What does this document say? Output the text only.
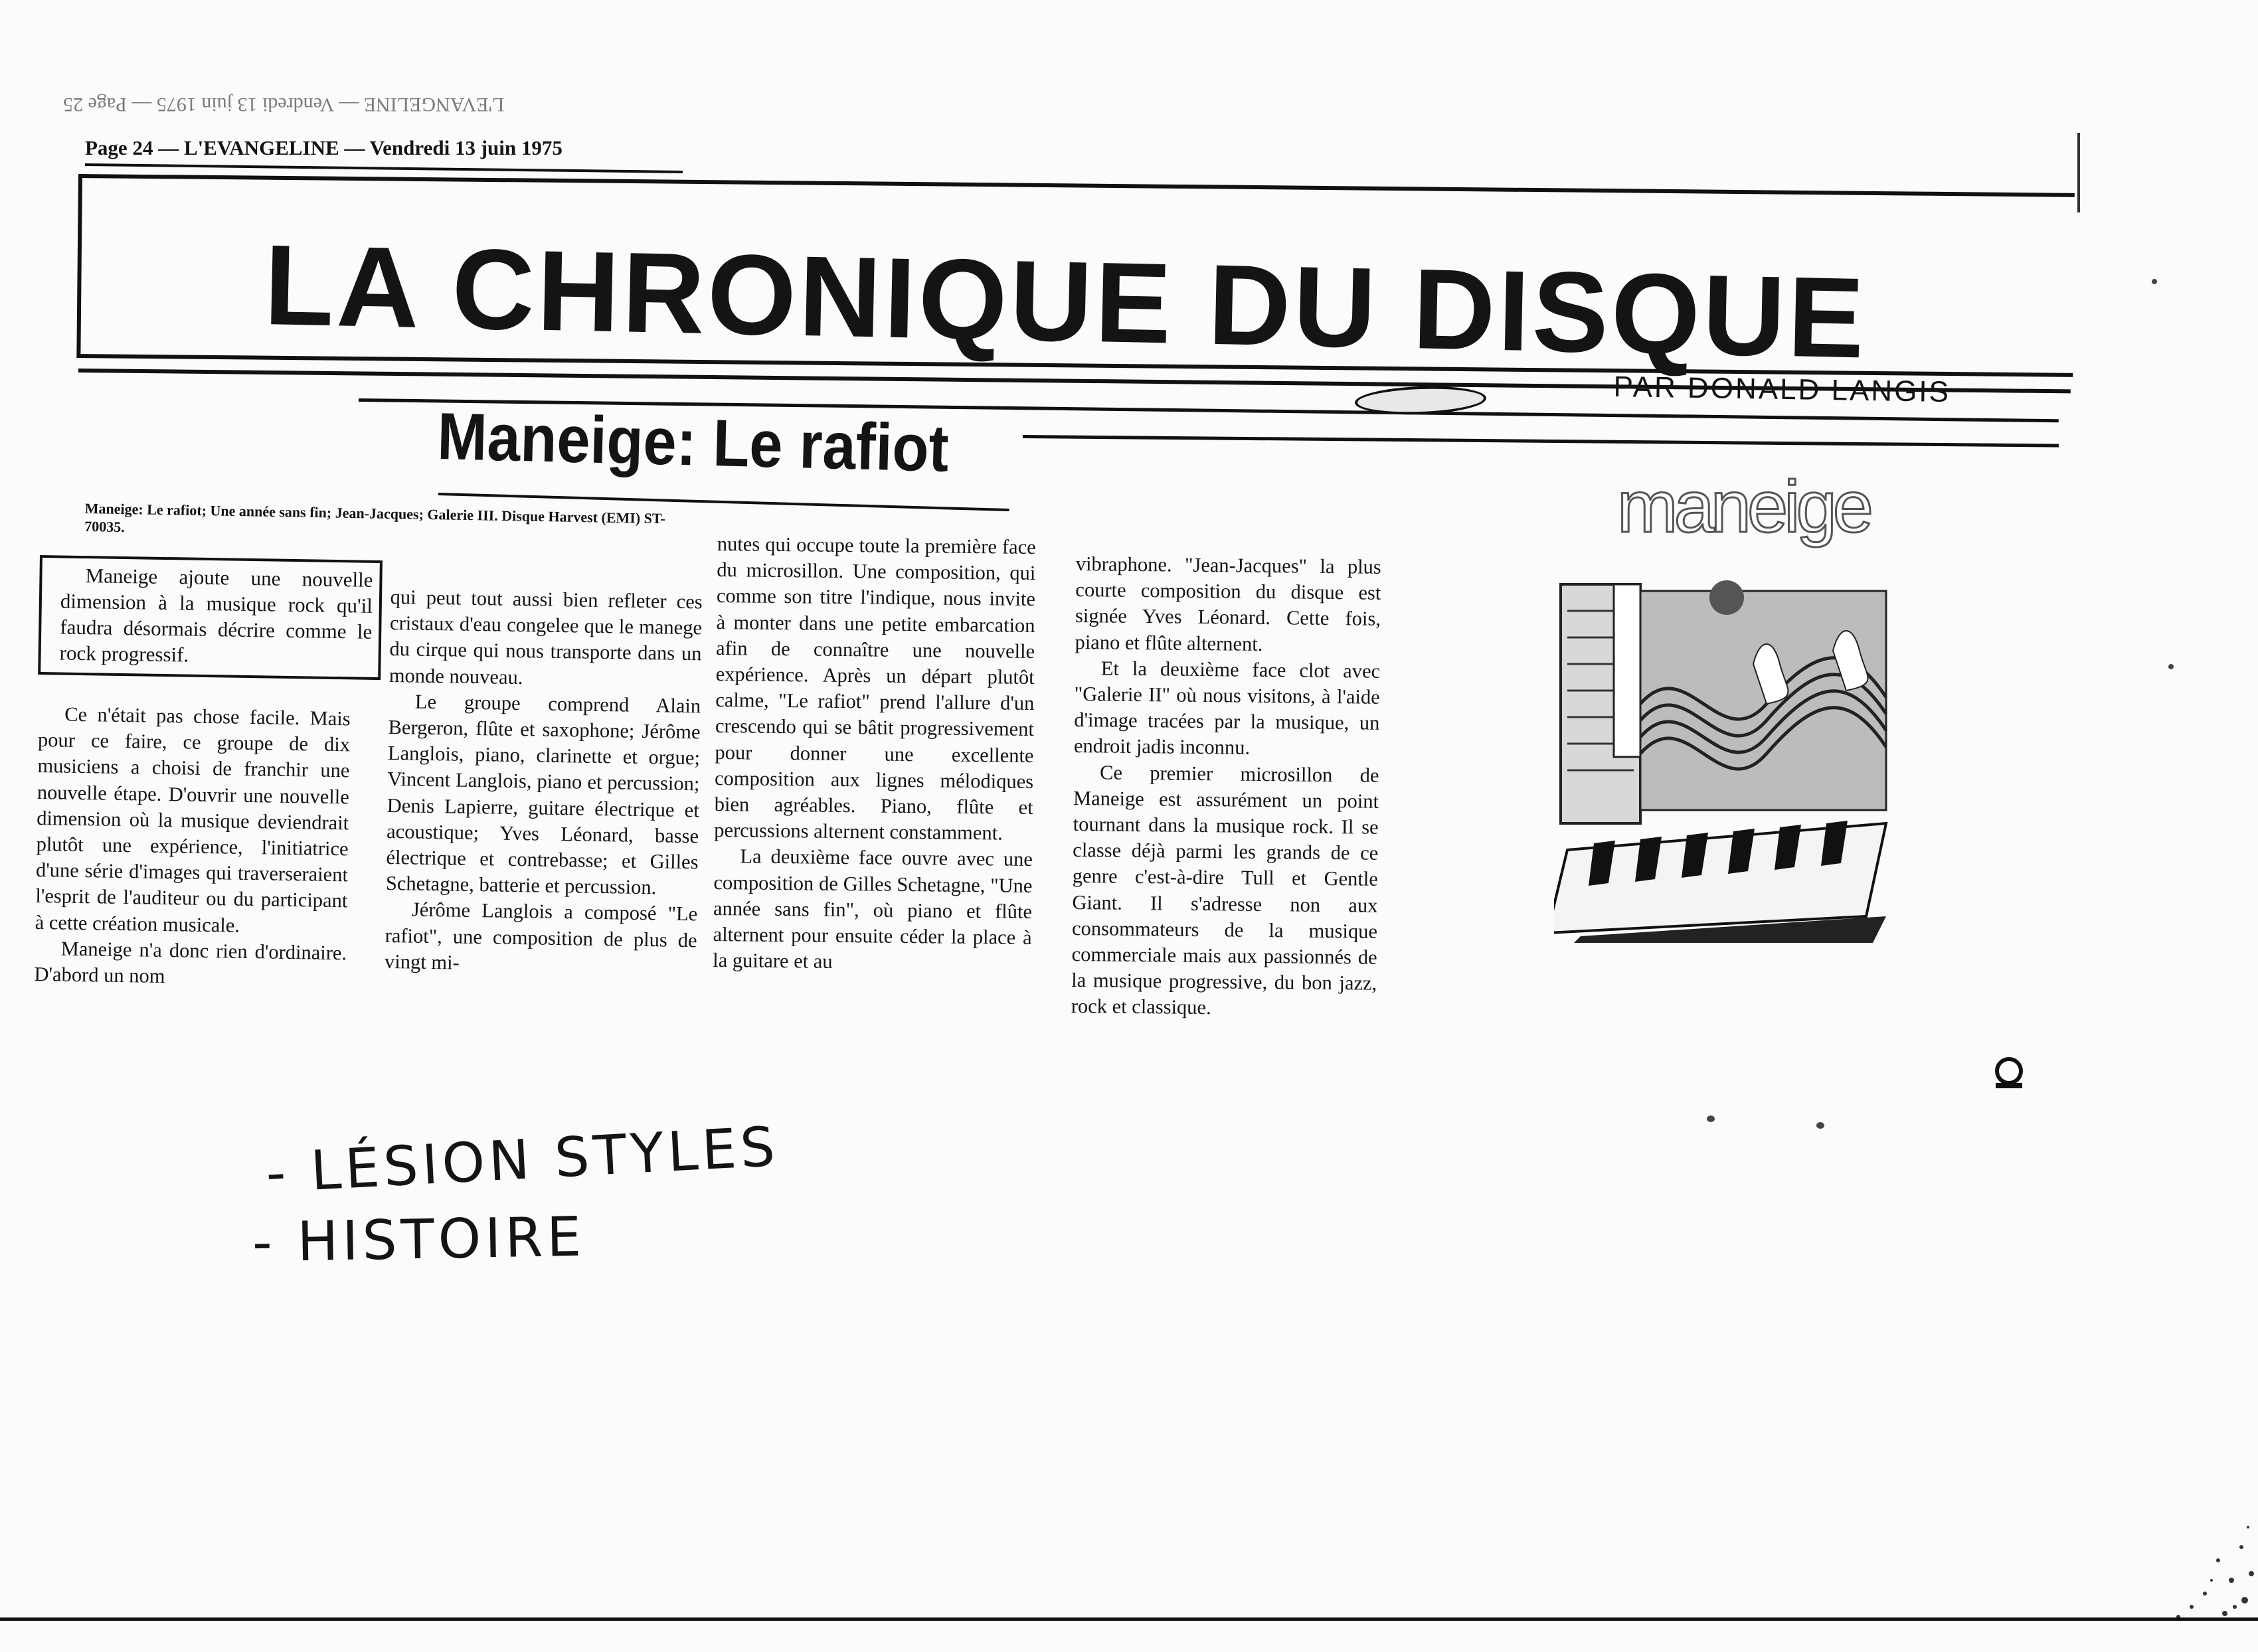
L'EVANGELINE — Vendredi 13 juin 1975 — Page 25
Page 24 — L'EVANGELINE — Vendredi 13 juin 1975
LA CHRONIQUE DU DISQUE
PAR DONALD LANGIS
Maneige: Le rafiot
Maneige: Le rafiot; Une année sans fin; Jean-Jacques; Galerie III. Disque Harvest (EMI) ST-70035.
Maneige ajoute une nouvelle dimension à la musique rock qu'il faudra désormais décrire comme le rock progressif.

Ce n'était pas chose facile. Mais pour ce faire, ce groupe de dix musiciens a choisi de franchir une nouvelle étape. D'ouvrir une nouvelle dimension où la musique deviendrait plutôt une expérience, l'initiatrice d'une série d'images qui traverseraient l'esprit de l'auditeur ou du participant à cette création musicale.

Maneige n'a donc rien d'ordinaire. D'abord un nom

qui peut tout aussi bien refleter ces cristaux d'eau congelee que le manege du cirque qui nous transporte dans un monde nouveau.

Le groupe comprend Alain Bergeron, flûte et saxophone; Jérôme Langlois, piano, clarinette et orgue; Vincent Langlois, piano et percussion; Denis Lapierre, guitare électrique et acoustique; Yves Léonard, basse électrique et contrebasse; et Gilles Schetagne, batterie et percussion.

Jérôme Langlois a composé "Le rafiot", une composition de plus de vingt mi-

nutes qui occupe toute la première face du microsillon. Une composition, qui comme son titre l'indique, nous invite à monter dans une petite embarcation afin de connaître une nouvelle expérience. Après un départ plutôt calme, "Le rafiot" prend l'allure d'un crescendo qui se bâtit progressivement pour donner une excellente composition aux lignes mélodiques bien agréables. Piano, flûte et percussions alternent constamment.

La deuxième face ouvre avec une composition de Gilles Schetagne, "Une année sans fin", où piano et flûte alternent pour ensuite céder la place à la guitare et au

vibraphone. "Jean-Jacques" la plus courte composition du disque est signée Yves Léonard. Cette fois, piano et flûte alternent.

Et la deuxième face clot avec "Galerie II" où nous visitons, à l'aide d'image tracées par la musique, un endroit jadis inconnu.

Ce premier microsillon de Maneige est assurément un point tournant dans la musique rock. Il se classe déjà parmi les grands de ce genre c'est-à-dire Tull et Gentle Giant. Il s'adresse non aux consommateurs de la musique commerciale mais aux passionnés de la musique progressive, du bon jazz, rock et classique.

maneige
- LÉSION STYLES
- HISTOIRE
